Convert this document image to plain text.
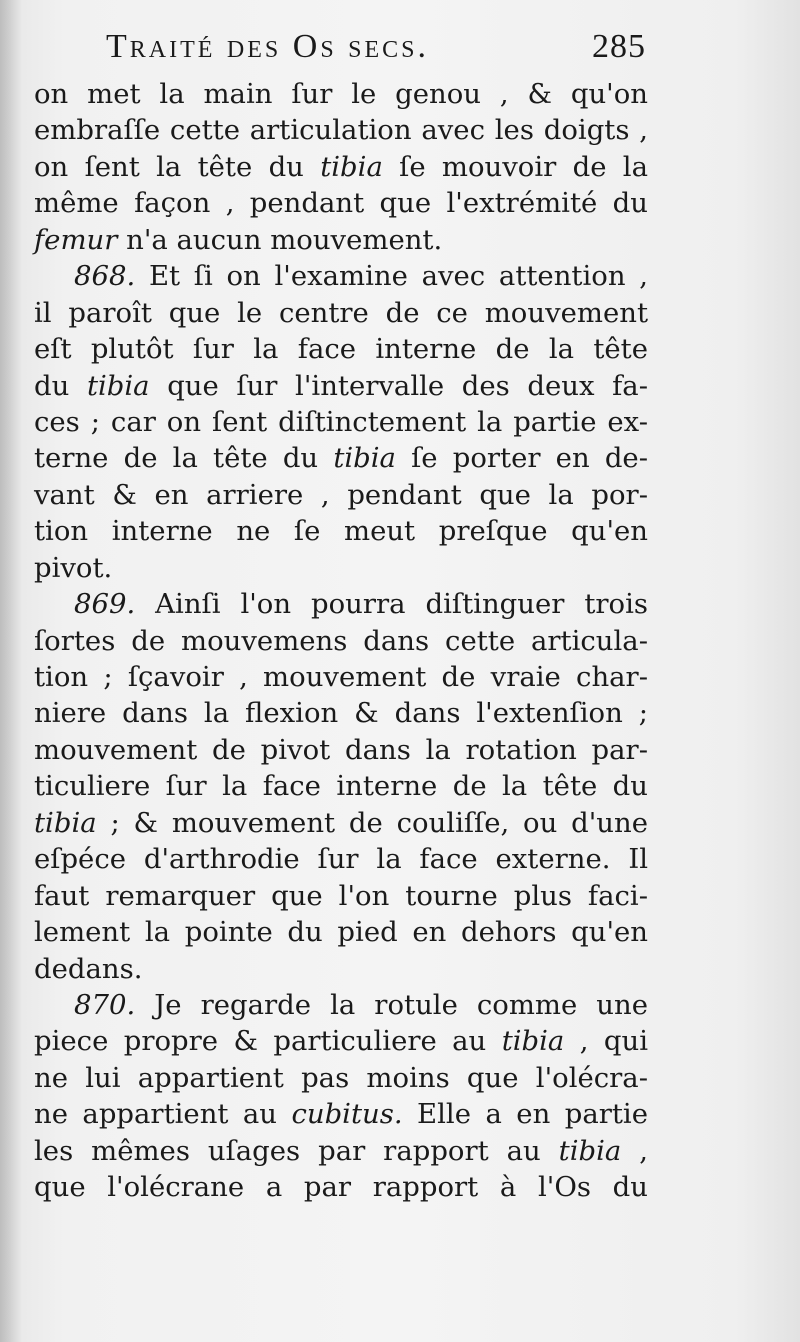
Traité des Os secs.	285
on met la main ſur le genou , & qu'on
embraſſe cette articulation avec les doigts ,
on ſent la tête du tibia ſe mouvoir de la
même façon , pendant que l'extrémité du
femur n'a aucun mouvement.
868. Et ſi on l'examine avec attention ,
il paroît que le centre de ce mouvement
eſt plutôt ſur la face interne de la tête
du tibia que ſur l'intervalle des deux fa-
ces ; car on ſent diſtinctement la partie ex-
terne de la tête du tibia ſe porter en de-
vant & en arriere , pendant que la por-
tion interne ne ſe meut preſque qu'en
pivot.
869. Ainſi l'on pourra diſtinguer trois
ſortes de mouvemens dans cette articula-
tion ; ſçavoir , mouvement de vraie char-
niere dans la flexion & dans l'extenſion ;
mouvement de pivot dans la rotation par-
ticuliere ſur la face interne de la tête du
tibia ; & mouvement de couliſſe, ou d'une
eſpéce d'arthrodie ſur la face externe. Il
faut remarquer que l'on tourne plus faci-
lement la pointe du pied en dehors qu'en
dedans.
870. Je regarde la rotule comme une
piece propre & particuliere au tibia , qui
ne lui appartient pas moins que l'olécra-
ne appartient au cubitus. Elle a en partie
les mêmes uſages par rapport au tibia ,
que l'olécrane a par rapport à l'Os du
